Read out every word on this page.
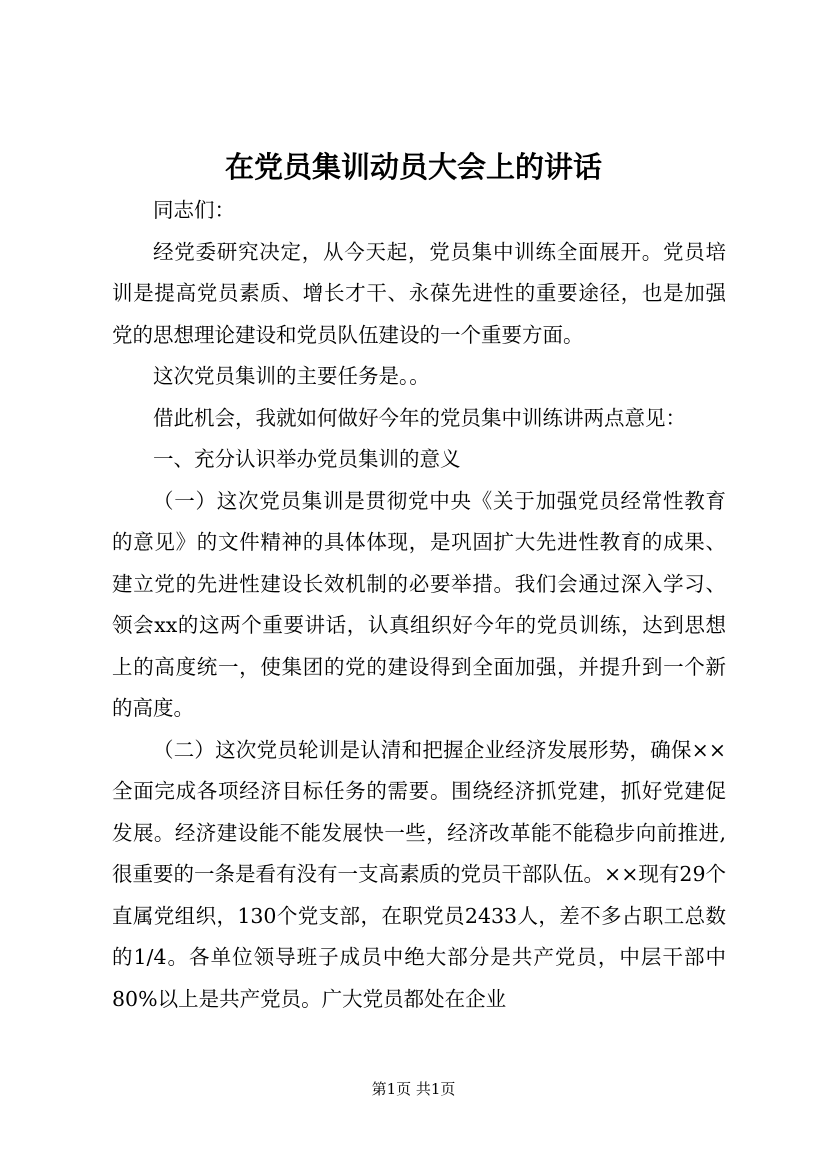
在党员集训动员大会上的讲话

同志们：

经党委研究决定，从今天起，党员集中训练全面展开。党员培训是提高党员素质、增长才干、永葆先进性的重要途径，也是加强党的思想理论建设和党员队伍建设的一个重要方面。

这次党员集训的主要任务是。。

借此机会，我就如何做好今年的党员集中训练讲两点意见：

一、充分认识举办党员集训的意义

（一）这次党员集训是贯彻党中央《关于加强党员经常性教育的意见》的文件精神的具体体现，是巩固扩大先进性教育的成果、建立党的先进性建设长效机制的必要举措。我们会通过深入学习、领会xx的这两个重要讲话，认真组织好今年的党员训练，达到思想上的高度统一，使集团的党的建设得到全面加强，并提升到一个新的高度。

（二）这次党员轮训是认清和把握企业经济发展形势，确保××全面完成各项经济目标任务的需要。围绕经济抓党建，抓好党建促发展。经济建设能不能发展快一些，经济改革能不能稳步向前推进,很重要的一条是看有没有一支高素质的党员干部队伍。××现有29个直属党组织，130个党支部，在职党员2433人，差不多占职工总数的1/4。各单位领导班子成员中绝大部分是共产党员，中层干部中80%以上是共产党员。广大党员都处在企业

第1页 共1页
